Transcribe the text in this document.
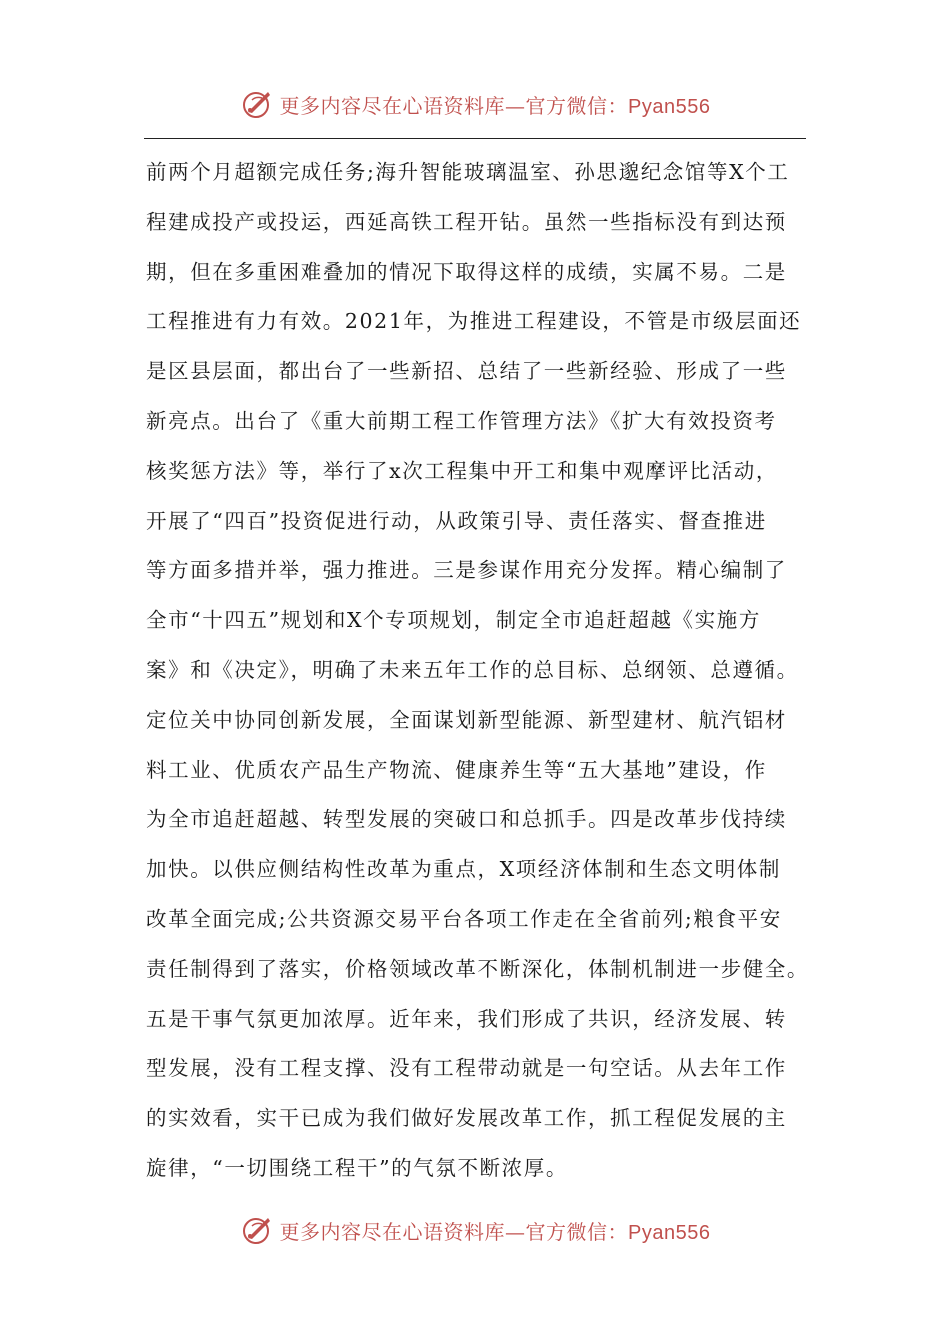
更多内容尽在心语资料库—官方微信：Pyan556
前两个月超额完成任务;海升智能玻璃温室、孙思邈纪念馆等X个工
程建成投产或投运，西延高铁工程开钻。虽然一些指标没有到达预
期，但在多重困难叠加的情况下取得这样的成绩，实属不易。二是
工程推进有力有效。2021年，为推进工程建设，不管是市级层面还
是区县层面，都出台了一些新招、总结了一些新经验、形成了一些
新亮点。出台了《重大前期工程工作管理方法》《扩大有效投资考
核奖惩方法》等，举行了x次工程集中开工和集中观摩评比活动，
开展了“四百”投资促进行动，从政策引导、责任落实、督查推进
等方面多措并举，强力推进。三是参谋作用充分发挥。精心编制了
全市“十四五”规划和X个专项规划，制定全市追赶超越《实施方
案》和《决定》，明确了未来五年工作的总目标、总纲领、总遵循。
定位关中协同创新发展，全面谋划新型能源、新型建材、航汽铝材
料工业、优质农产品生产物流、健康养生等“五大基地”建设，作
为全市追赶超越、转型发展的突破口和总抓手。四是改革步伐持续
加快。以供应侧结构性改革为重点，X项经济体制和生态文明体制
改革全面完成;公共资源交易平台各项工作走在全省前列;粮食平安
责任制得到了落实，价格领域改革不断深化，体制机制进一步健全。
五是干事气氛更加浓厚。近年来，我们形成了共识，经济发展、转
型发展，没有工程支撑、没有工程带动就是一句空话。从去年工作
的实效看，实干已成为我们做好发展改革工作，抓工程促发展的主
旋律，“一切围绕工程干”的气氛不断浓厚。
更多内容尽在心语资料库—官方微信：Pyan556
